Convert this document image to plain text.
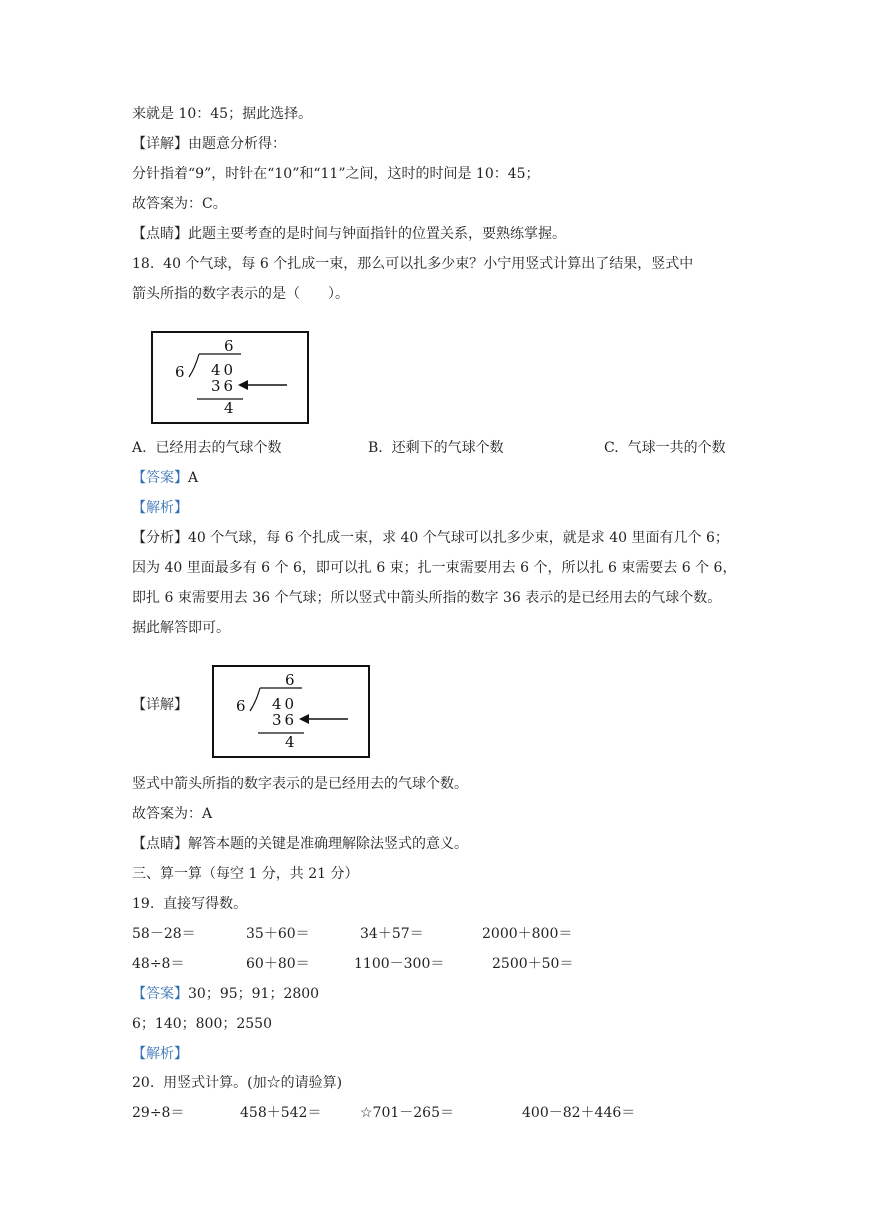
来就是 10：45；据此选择。
【详解】由题意分析得：
分针指着“9”，时针在“10”和“11”之间，这时的时间是 10：45；
故答案为：C。
【点睛】此题主要考查的是时间与钟面指针的位置关系，要熟练掌握。
18.  40 个气球，每 6 个扎成一束，那么可以扎多少束？小宁用竖式计算出了结果，竖式中
箭头所指的数字表示的是（　　）。
6
6 40
36
4
A.  已经用去的气球个数	B.  还剩下的气球个数	C.  气球一共的个数
【答案】A
【解析】
【分析】40 个气球，每 6 个扎成一束，求 40 个气球可以扎多少束，就是求 40 里面有几个 6；
因为 40 里面最多有 6 个 6，即可以扎 6 束；扎一束需要用去 6 个，所以扎 6 束需要去 6 个 6，
即扎 6 束需要用去 36 个气球；所以竖式中箭头所指的数字 36 表示的是已经用去的气球个数。
据此解答即可。
【详解】
6
6 40
36
4
竖式中箭头所指的数字表示的是已经用去的气球个数。
故答案为：A
【点睛】解答本题的关键是准确理解除法竖式的意义。
三、算一算（每空 1 分，共 21 分）
19.  直接写得数。
58－28＝	35＋60＝	34＋57＝	2000＋800＝
48÷8＝	60＋80＝	1100－300＝	2500＋50＝
【答案】30；95；91；2800
6；140；800；2550
【解析】
20.  用竖式计算。(加☆的请验算)
29÷8＝	458＋542＝	☆701－265＝	400－82＋446＝
